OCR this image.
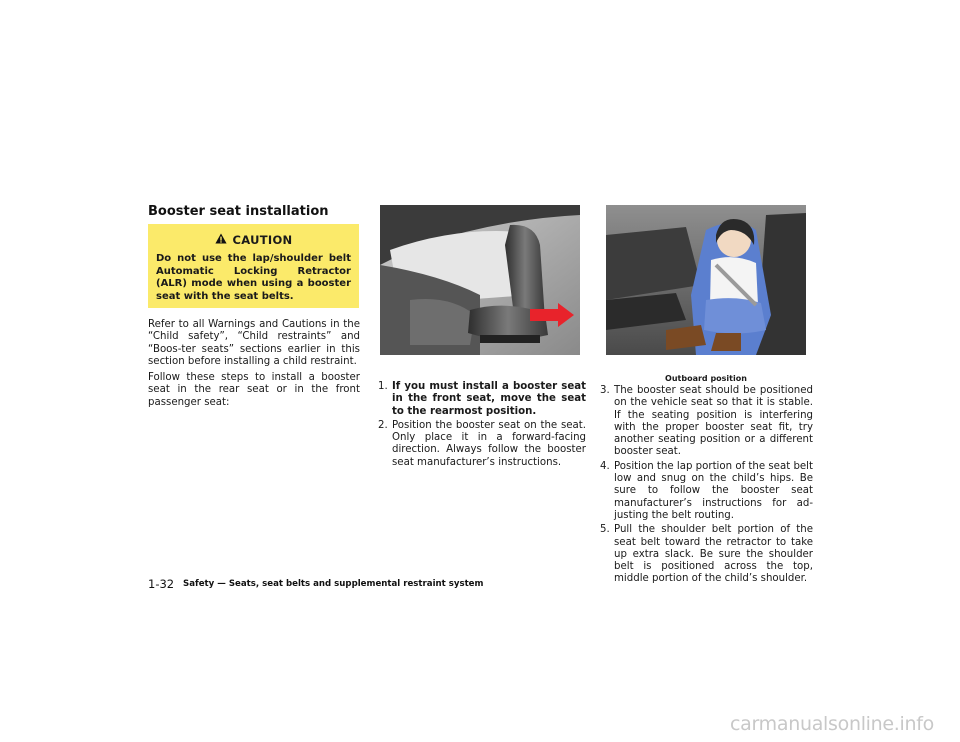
Booster seat installation
CAUTION
Do not use the lap/shoulder belt Automatic Locking Retractor (ALR) mode when using a booster seat with the seat belts.

Refer to all Warnings and Cautions in the “Child safety”, “Child restraints” and “Boos-ter seats” sections earlier in this section before installing a child restraint.

Follow these steps to install a booster seat in the rear seat or in the front passenger seat:

1. If you must install a booster seat in the front seat, move the seat to the rearmost position.
2. Position the booster seat on the seat. Only place it in a forward-facing direction. Always follow the booster seat manufacturer’s instructions.
Outboard position
3. The booster seat should be positioned on the vehicle seat so that it is stable. If the seating position is interfering with the proper booster seat fit, try another seating position or a different booster seat.
4. Position the lap portion of the seat belt low and snug on the child’s hips. Be sure to follow the booster seat manufacturer’s instructions for ad-justing the belt routing.
5. Pull the shoulder belt portion of the seat belt toward the retractor to take up extra slack. Be sure the shoulder belt is positioned across the top, middle portion of the child’s shoulder.
1-32 Safety — Seats, seat belts and supplemental restraint system
carmanualsonline.info
